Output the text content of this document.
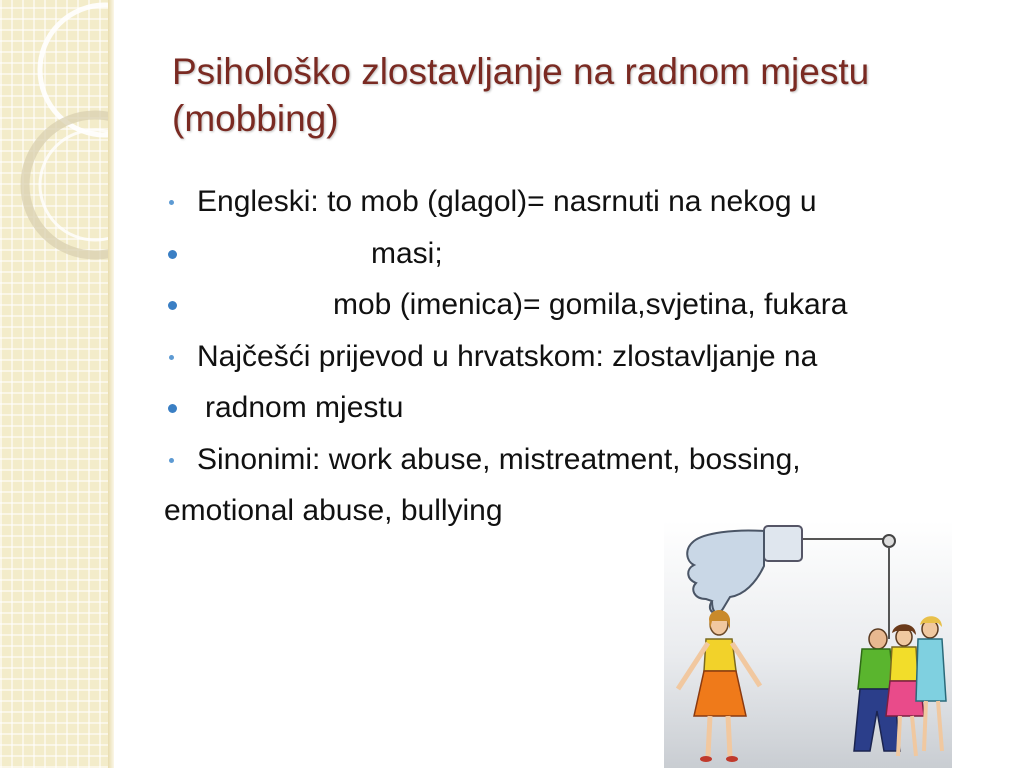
Psihološko zlostavljanje na radnom mjestu
(mobbing)
Engleski: to mob (glagol)= nasrnuti na nekog u
masi;
mob (imenica)= gomila,svjetina, fukara
Najčešći prijevod u hrvatskom: zlostavljanje na
radnom mjestu
Sinonimi: work abuse, mistreatment, bossing,
emotional abuse, bullying
